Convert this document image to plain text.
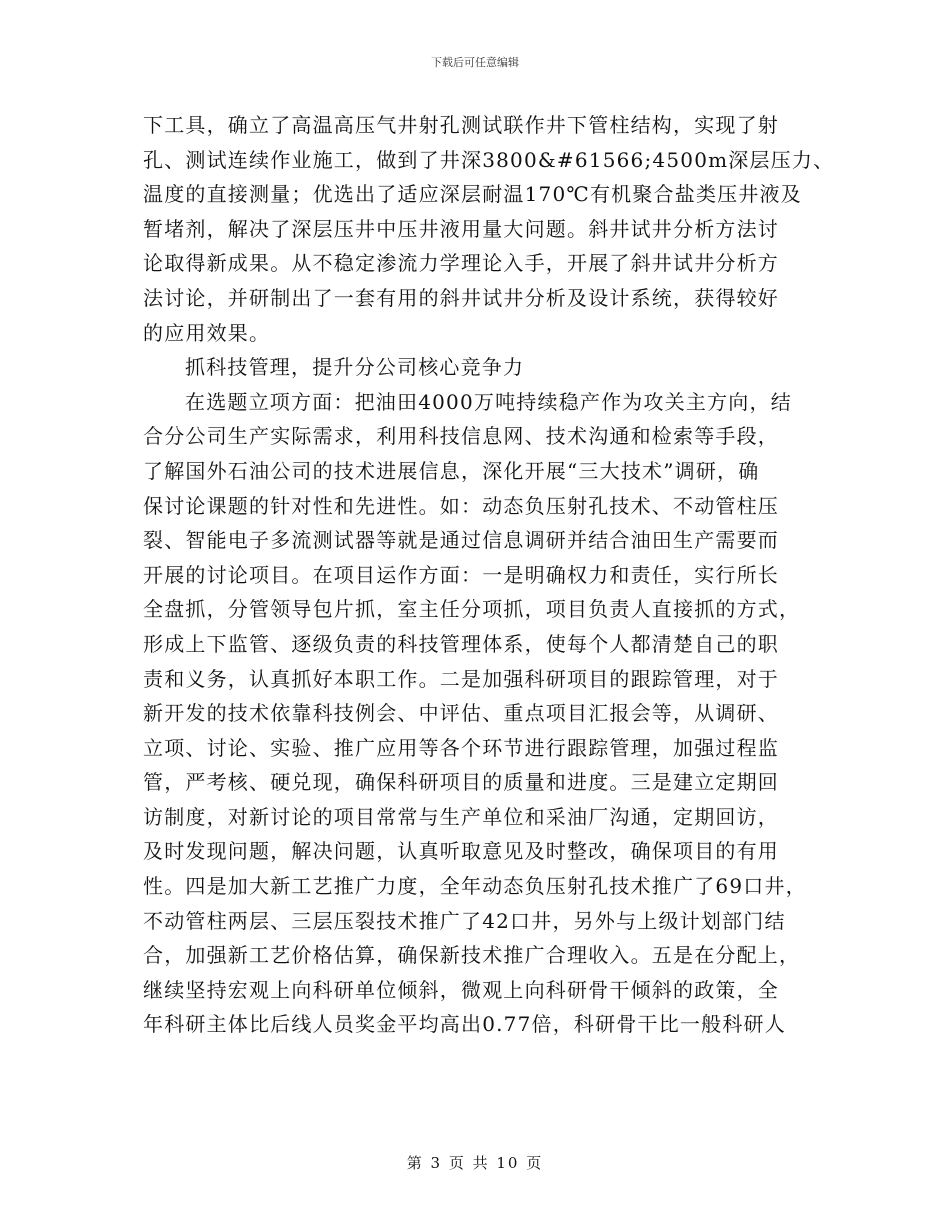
下载后可任意编辑
下工具，确立了高温高压气井射孔测试联作井下管柱结构，实现了射
孔、测试连续作业施工，做到了井深3800&#61566;4500m深层压力、
温度的直接测量；优选出了适应深层耐温170℃有机聚合盐类压井液及
暂堵剂，解决了深层压井中压井液用量大问题。斜井试井分析方法讨
论取得新成果。从不稳定渗流力学理论入手，开展了斜井试井分析方
法讨论，并研制出了一套有用的斜井试井分析及设计系统，获得较好
的应用效果。
抓科技管理，提升分公司核心竞争力
在选题立项方面：把油田4000万吨持续稳产作为攻关主方向，结
合分公司生产实际需求，利用科技信息网、技术沟通和检索等手段，
了解国外石油公司的技术进展信息，深化开展“三大技术”调研，确
保讨论课题的针对性和先进性。如：动态负压射孔技术、不动管柱压
裂、智能电子多流测试器等就是通过信息调研并结合油田生产需要而
开展的讨论项目。在项目运作方面：一是明确权力和责任，实行所长
全盘抓，分管领导包片抓，室主任分项抓，项目负责人直接抓的方式，
形成上下监管、逐级负责的科技管理体系，使每个人都清楚自己的职
责和义务，认真抓好本职工作。二是加强科研项目的跟踪管理，对于
新开发的技术依靠科技例会、中评估、重点项目汇报会等，从调研、
立项、讨论、实验、推广应用等各个环节进行跟踪管理，加强过程监
管，严考核、硬兑现，确保科研项目的质量和进度。三是建立定期回
访制度，对新讨论的项目常常与生产单位和采油厂沟通，定期回访，
及时发现问题，解决问题，认真听取意见及时整改，确保项目的有用
性。四是加大新工艺推广力度，全年动态负压射孔技术推广了69口井，
不动管柱两层、三层压裂技术推广了42口井，另外与上级计划部门结
合，加强新工艺价格估算，确保新技术推广合理收入。五是在分配上，
继续坚持宏观上向科研单位倾斜，微观上向科研骨干倾斜的政策，全
年科研主体比后线人员奖金平均高出0.77倍，科研骨干比一般科研人
第 3 页 共 10 页
